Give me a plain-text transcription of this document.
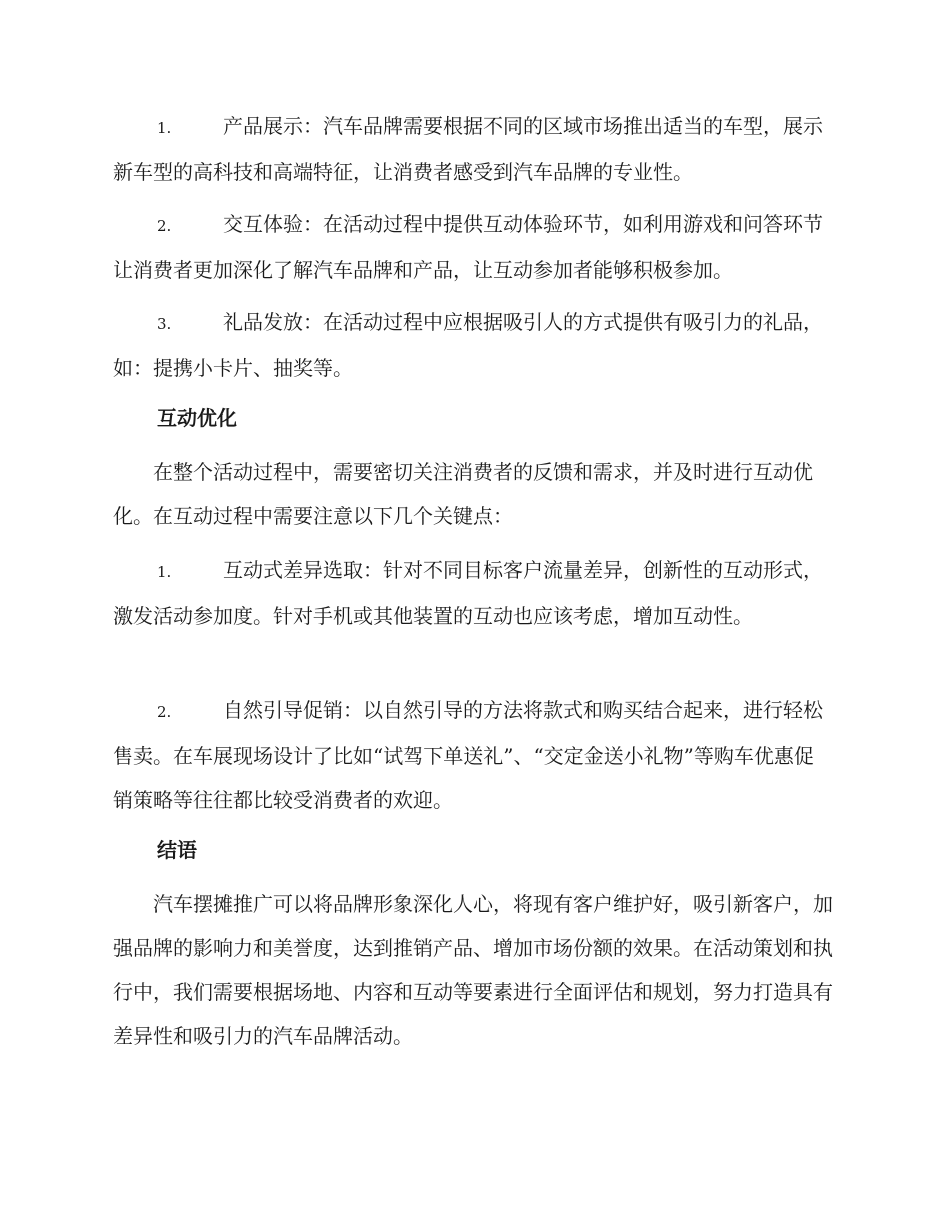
1.	产品展示：汽车品牌需要根据不同的区域市场推出适当的车型，展示新车型的高科技和高端特征，让消费者感受到汽车品牌的专业性。

2.	交互体验：在活动过程中提供互动体验环节，如利用游戏和问答环节让消费者更加深化了解汽车品牌和产品，让互动参加者能够积极参加。

3.	礼品发放：在活动过程中应根据吸引人的方式提供有吸引力的礼品，如：提携小卡片、抽奖等。

互动优化

在整个活动过程中，需要密切关注消费者的反馈和需求，并及时进行互动优化。在互动过程中需要注意以下几个关键点：

1.	互动式差异选取：针对不同目标客户流量差异，创新性的互动形式，激发活动参加度。针对手机或其他装置的互动也应该考虑，增加互动性。

2.	自然引导促销：以自然引导的方法将款式和购买结合起来，进行轻松售卖。在车展现场设计了比如“试驾下单送礼”、“交定金送小礼物”等购车优惠促销策略等往往都比较受消费者的欢迎。

结语

汽车摆摊推广可以将品牌形象深化人心，将现有客户维护好，吸引新客户，加强品牌的影响力和美誉度，达到推销产品、增加市场份额的效果。在活动策划和执行中，我们需要根据场地、内容和互动等要素进行全面评估和规划，努力打造具有差异性和吸引力的汽车品牌活动。
